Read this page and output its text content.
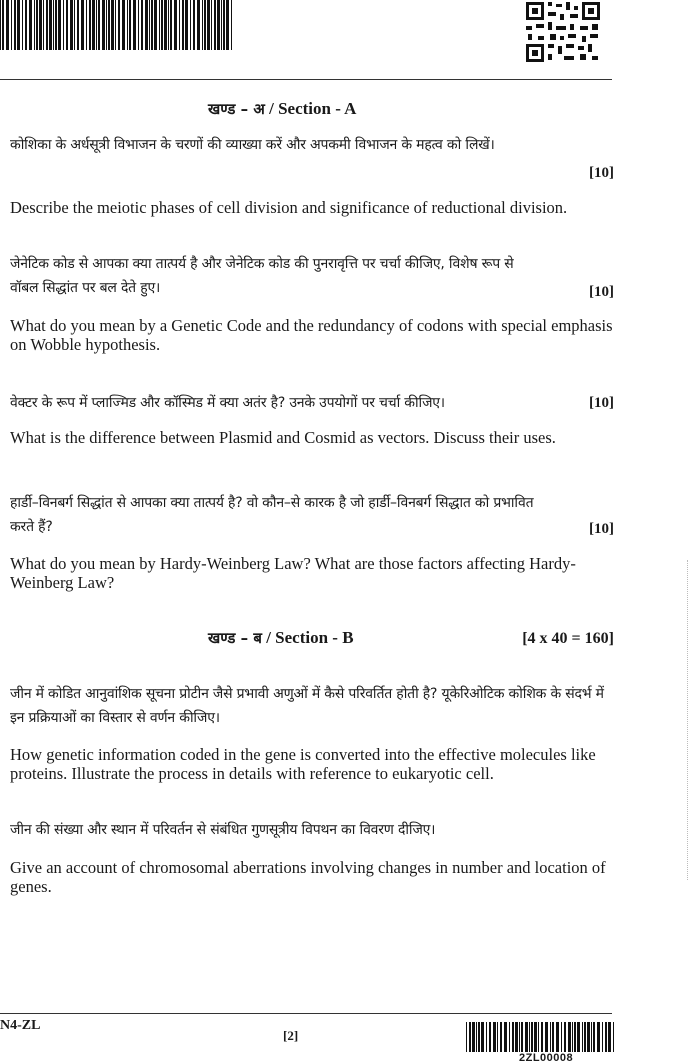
खण्ड – अ / Section - A
कोशिका के अर्धसूत्री विभाजन के चरणों की व्याख्या करें और अपकमी विभाजन के महत्व को लिखें।
[10]
Describe the meiotic phases of cell division and significance of reductional division.
जेनेटिक कोड से आपका क्या तात्पर्य है और जेनेटिक कोड की पुनरावृत्ति पर चर्चा कीजिए, विशेष रूप से वॉबल सिद्धांत पर बल देते हुए।	[10]
What do you mean by a Genetic Code and the redundancy of codons with special emphasis on Wobble hypothesis.
वेक्टर के रूप में प्लाज्मिड और कॉस्मिड में क्या अतंर है? उनके उपयोगों पर चर्चा कीजिए।	[10]
What is the difference between Plasmid and Cosmid as vectors. Discuss their uses.
हार्डी–विनबर्ग सिद्धांत से आपका क्या तात्पर्य है? वो कौन–से कारक है जो हार्डी–विनबर्ग सिद्धात को प्रभावित करते हैं?	[10]
What do you mean by Hardy-Weinberg Law? What are those factors affecting Hardy-Weinberg Law?
खण्ड – ब / Section - B	[4 x 40 = 160]
जीन में कोडित आनुवांशिक सूचना प्रोटीन जैसे प्रभावी अणुओं में कैसे परिवर्तित होती है? यूकेरिओटिक कोशिक के संदर्भ में इन प्रक्रियाओं का विस्तार से वर्णन कीजिए।
How genetic information coded in the gene is converted into the effective molecules like proteins. Illustrate the process in details with reference to eukaryotic cell.
जीन की संख्या और स्थान में परिवर्तन से संबंधित गुणसूत्रीय विपथन का विवरण दीजिए।
Give an account of chromosomal aberrations involving changes in number and location of genes.
N4-ZL
[2]
2ZL00008
